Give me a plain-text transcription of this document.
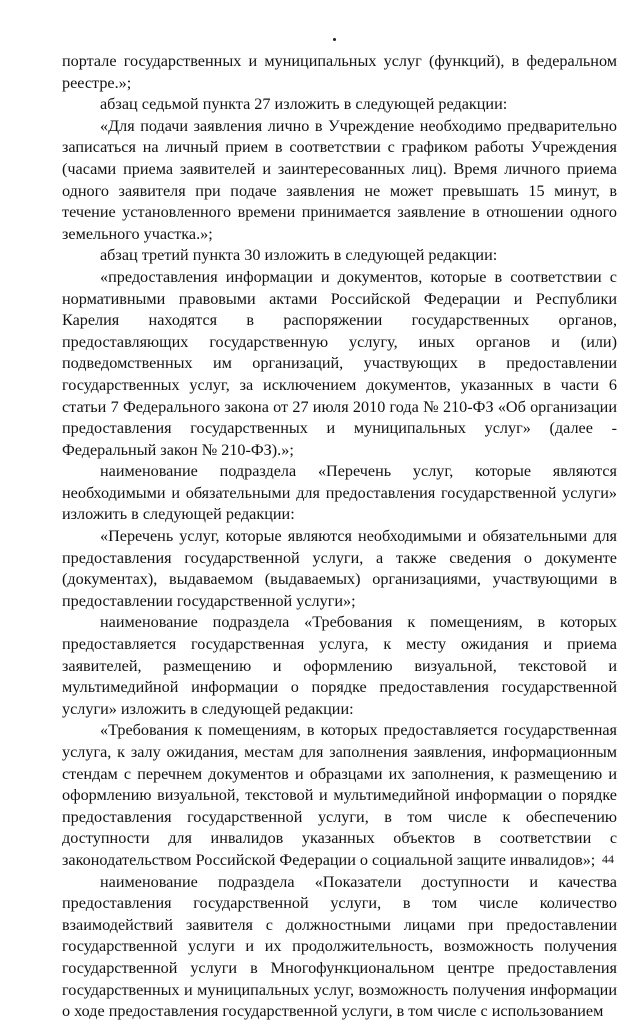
порталe государственных и муниципальных услуг (функций), в федеральном реестре.»;

абзац седьмой пункта 27 изложить в следующей редакции:

«Для подачи заявления лично в Учреждение необходимо предварительно записаться на личный прием в соответствии с графиком работы Учреждения (часами приема заявителей и заинтересованных лиц). Время личного приема одного заявителя при подаче заявления не может превышать 15 минут, в течение установленного времени принимается заявление в отношении одного земельного участка.»;

абзац третий пункта 30 изложить в следующей редакции:

«предоставления информации и документов, которые в соответствии с нормативными правовыми актами Российской Федерации и Республики Карелия находятся в распоряжении государственных органов, предоставляющих государственную услугу, иных органов и (или) подведомственных им организаций, участвующих в предоставлении государственных услуг, за исключением документов, указанных в части 6 статьи 7 Федерального закона от 27 июля 2010 года № 210-ФЗ «Об организации предоставления государственных и муниципальных услуг» (далее - Федеральный закон № 210-ФЗ).»;

наименование подраздела «Перечень услуг, которые являются необходимыми и обязательными для предоставления государственной услуги» изложить в следующей редакции:

«Перечень услуг, которые являются необходимыми и обязательными для предоставления государственной услуги, а также сведения о документе (документах), выдаваемом (выдаваемых) организациями, участвующими в предоставлении государственной услуги»;

наименование подраздела «Требования к помещениям, в которых предоставляется государственная услуга, к месту ожидания и приема заявителей, размещению и оформлению визуальной, текстовой и мультимедийной информации о порядке предоставления государственной услуги» изложить в следующей редакции:

«Требования к помещениям, в которых предоставляется государственная услуга, к залу ожидания, местам для заполнения заявления, информационным стендам с перечнем документов и образцами их заполнения, к размещению и оформлению визуальной, текстовой и мультимедийной информации о порядке предоставления государственной услуги, в том числе к обеспечению доступности для инвалидов указанных объектов в соответствии с законодательством Российской Федерации о социальной защите инвалидов»;

наименование подраздела «Показатели доступности и качества предоставления государственной услуги, в том числе количество взаимодействий заявителя с должностными лицами при предоставлении государственной услуги и их продолжительность, возможность получения государственной услуги в Многофункциональном центре предоставления государственных и муниципальных услуг, возможность получения информации о ходе предоставления государственной услуги, в том числе с использованием

44
